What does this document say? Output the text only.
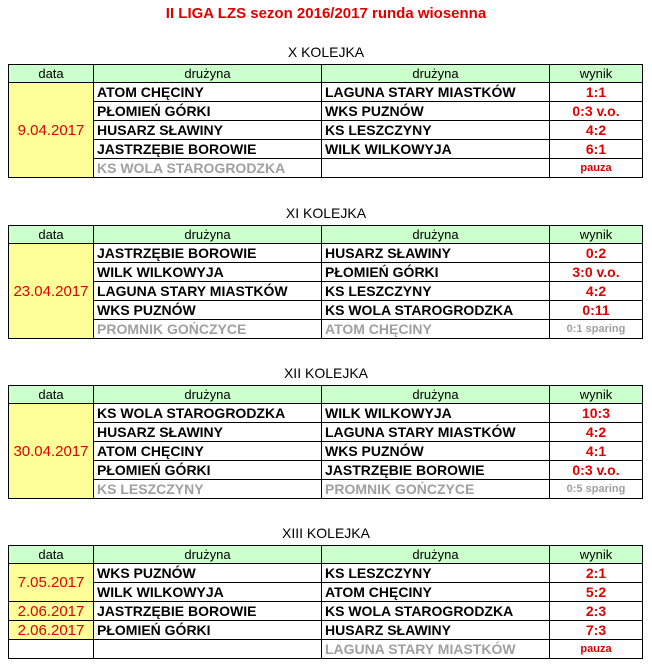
II LIGA LZS sezon 2016/2017 runda wiosenna
X KOLEJKA
data	drużyna	drużyna	wynik
9.04.2017	ATOM CHĘCINY	LAGUNA STARY MIASTKÓW	1:1
	PŁOMIEŃ GÓRKI	WKS PUZNÓW	0:3 v.o.
	HUSARZ SŁAWINY	KS LESZCZYNY	4:2
	JASTRZĘBIE BOROWIE	WILK WILKOWYJA	6:1
	KS WOLA STAROGRODZKA		pauza
XI KOLEJKA
data	drużyna	drużyna	wynik
23.04.2017	JASTRZĘBIE BOROWIE	HUSARZ SŁAWINY	0:2
	WILK WILKOWYJA	PŁOMIEŃ GÓRKI	3:0 v.o.
	LAGUNA STARY MIASTKÓW	KS LESZCZYNY	4:2
	WKS PUZNÓW	KS WOLA STAROGRODZKA	0:11
	PROMNIK GOŃCZYCE	ATOM CHĘCINY	0:1 sparing
XII KOLEJKA
data	drużyna	drużyna	wynik
30.04.2017	KS WOLA STAROGRODZKA	WILK WILKOWYJA	10:3
	HUSARZ SŁAWINY	LAGUNA STARY MIASTKÓW	4:2
	ATOM CHĘCINY	WKS PUZNÓW	4:1
	PŁOMIEŃ GÓRKI	JASTRZĘBIE BOROWIE	0:3 v.o.
	KS LESZCZYNY	PROMNIK GOŃCZYCE	0:5 sparing
XIII KOLEJKA
data	drużyna	drużyna	wynik
7.05.2017	WKS PUZNÓW	KS LESZCZYNY	2:1
	WILK WILKOWYJA	ATOM CHĘCINY	5:2
2.06.2017	JASTRZĘBIE BOROWIE	KS WOLA STAROGRODZKA	2:3
2.06.2017	PŁOMIEŃ GÓRKI	HUSARZ SŁAWINY	7:3
		LAGUNA STARY MIASTKÓW	pauza
